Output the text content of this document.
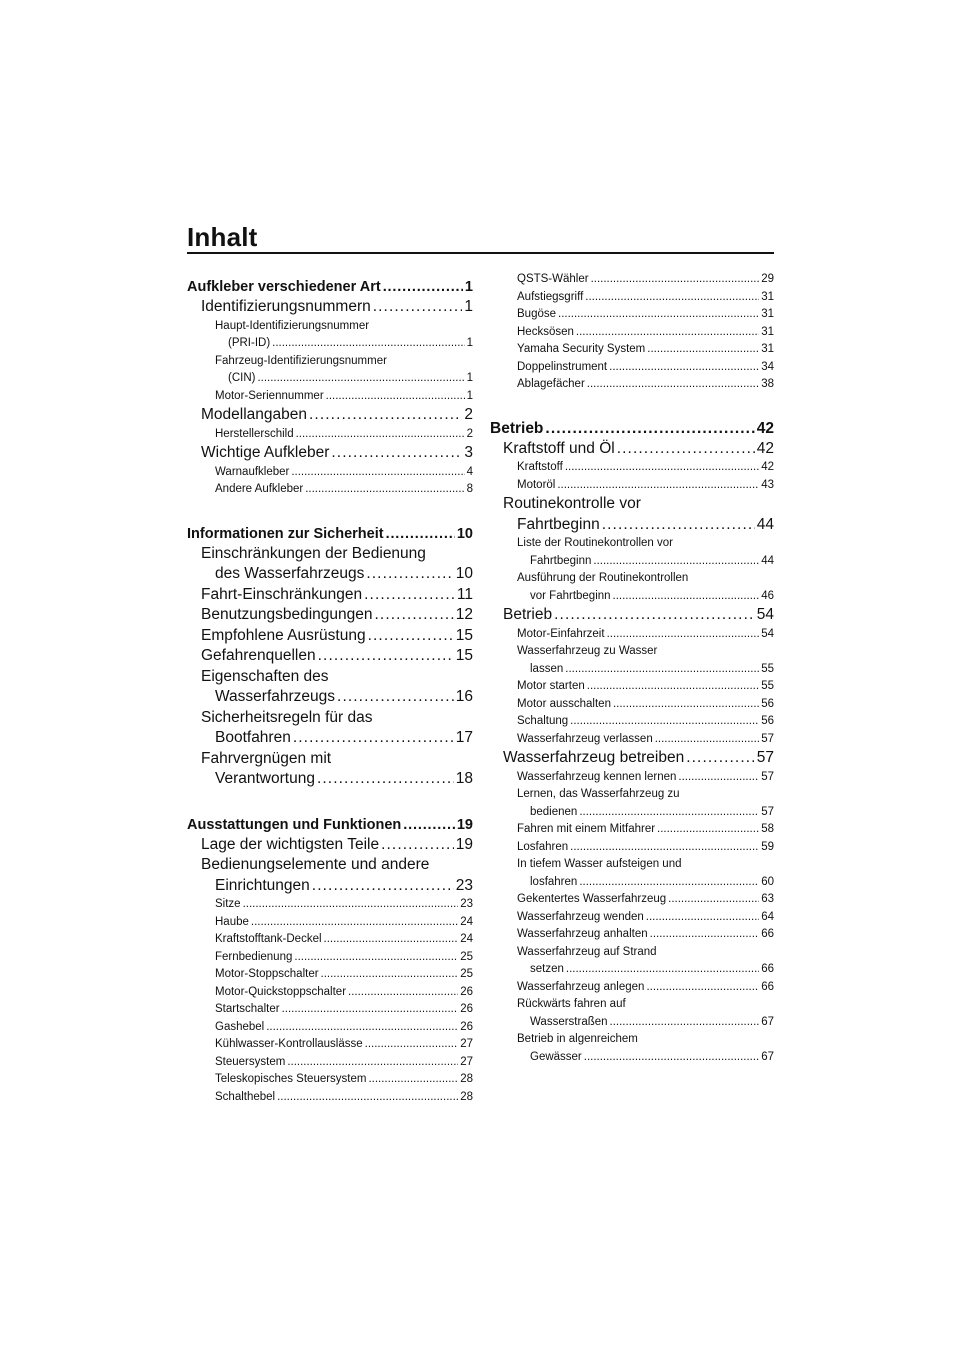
Inhalt
Aufkleber verschiedener Art . . .	1
Identifizierungsnummern . . .	1
Haupt-Identifizierungsnummer
(PRI-ID) . . .	1
Fahrzeug-Identifizierungsnummer
(CIN) . . .	1
Motor-Seriennummer . . .	1
Modellangaben . . .	2
Herstellerschild . . .	2
Wichtige Aufkleber . . .	3
Warnaufkleber . . .	4
Andere Aufkleber . . .	8
Informationen zur Sicherheit . . .	10
Einschränkungen der Bedienung
des Wasserfahrzeugs . . .	10
Fahrt-Einschränkungen . . .	11
Benutzungsbedingungen . . .	12
Empfohlene Ausrüstung . . .	15
Gefahrenquellen . . .	15
Eigenschaften des
Wasserfahrzeugs . . .	16
Sicherheitsregeln für das
Bootfahren . . .	17
Fahrvergnügen mit
Verantwortung . . .	18
Ausstattungen und Funktionen . . .	19
Lage der wichtigsten Teile . . .	19
Bedienungselemente und andere
Einrichtungen . . .	23
Sitze . . .	23
Haube . . .	24
Kraftstofftank-Deckel . . .	24
Fernbedienung . . .	25
Motor-Stoppschalter . . .	25
Motor-Quickstoppschalter . . .	26
Startschalter . . .	26
Gashebel . . .	26
Kühlwasser-Kontrollauslässe . . .	27
Steuersystem . . .	27
Teleskopisches Steuersystem . . .	28
Schalthebel . . .	28
QSTS-Wähler . . .	29
Aufstiegsgriff . . .	31
Bugöse . . .	31
Hecksösen . . .	31
Yamaha Security System . . .	31
Doppelinstrument . . .	34
Ablagefächer . . .	38
Betrieb . . .	42
Kraftstoff und Öl . . .	42
Kraftstoff . . .	42
Motoröl . . .	43
Routinekontrolle vor
Fahrtbeginn . . .	44
Liste der Routinekontrollen vor
Fahrtbeginn . . .	44
Ausführung der Routinekontrollen
vor Fahrtbeginn . . .	46
Betrieb . . .	54
Motor-Einfahrzeit . . .	54
Wasserfahrzeug zu Wasser
lassen . . .	55
Motor starten . . .	55
Motor ausschalten . . .	56
Schaltung . . .	56
Wasserfahrzeug verlassen . . .	57
Wasserfahrzeug betreiben . . .	57
Wasserfahrzeug kennen lernen . . .	57
Lernen, das Wasserfahrzeug zu
bedienen . . .	57
Fahren mit einem Mitfahrer . . .	58
Losfahren . . .	59
In tiefem Wasser aufsteigen und
losfahren . . .	60
Gekentertes Wasserfahrzeug . . .	63
Wasserfahrzeug wenden . . .	64
Wasserfahrzeug anhalten . . .	66
Wasserfahrzeug auf Strand
setzen . . .	66
Wasserfahrzeug anlegen . . .	66
Rückwärts fahren auf
Wasserstraßen . . .	67
Betrieb in algenreichem
Gewässer . . .	67
